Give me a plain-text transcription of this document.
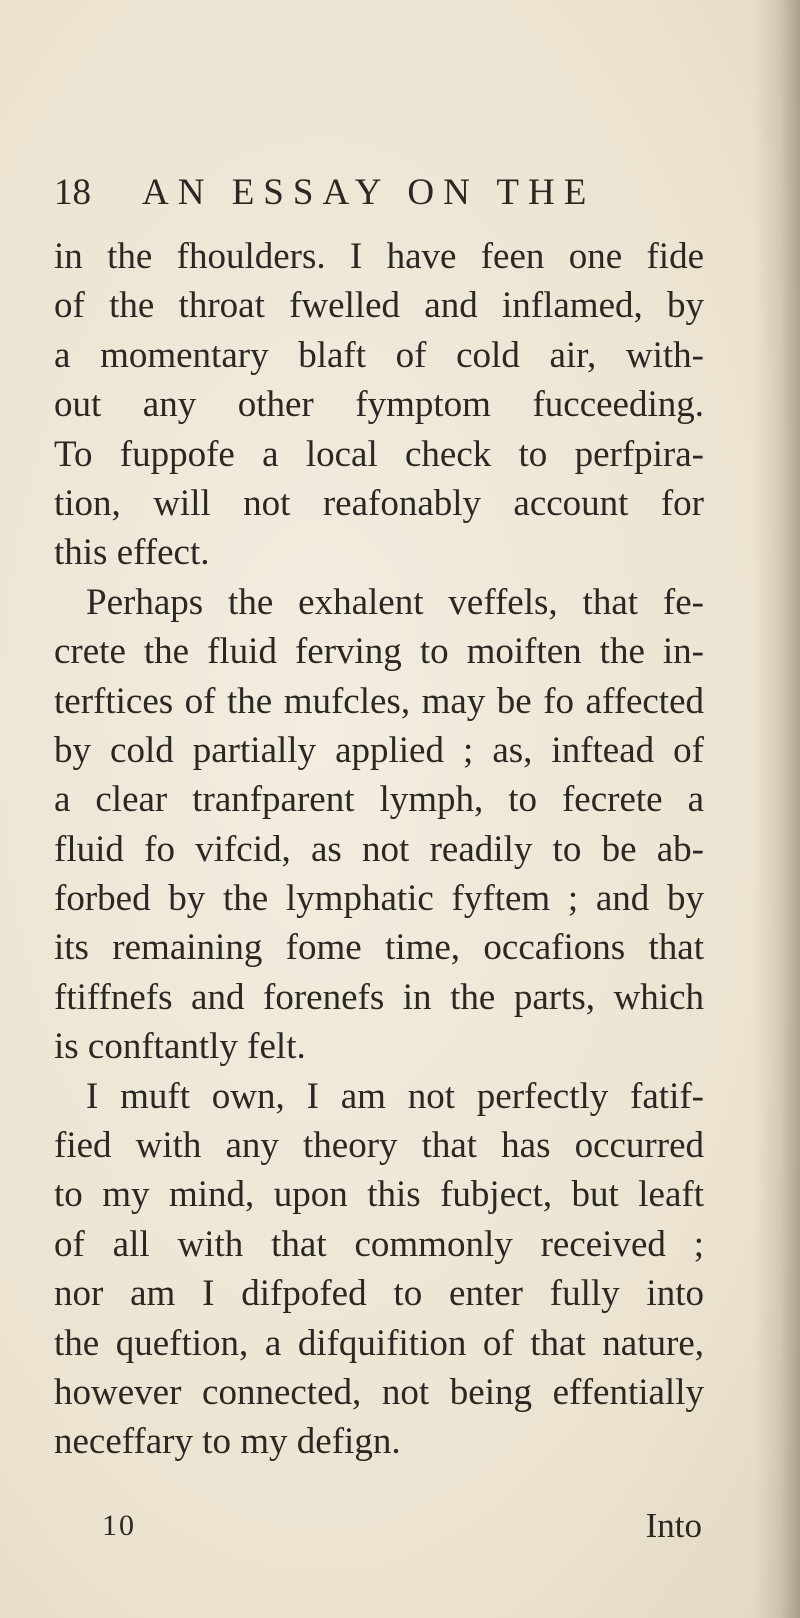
18 AN ESSAY ON THE
in the fhoulders. I have feen one fide
of the throat fwelled and inflamed, by
a momentary blaft of cold air, with-
out any other fymptom fucceeding.
To fuppofe a local check to perfpira-
tion, will not reafonably account for
this effect.
Perhaps the exhalent veffels, that fe-
crete the fluid ferving to moiften the in-
terftices of the mufcles, may be fo affected
by cold partially applied ; as, inftead of
a clear tranfparent lymph, to fecrete a
fluid fo vifcid, as not readily to be ab-
forbed by the lymphatic fyftem ; and by
its remaining fome time, occafions that
ftiffnefs and forenefs in the parts, which
is conftantly felt.
I muft own, I am not perfectly fatif-
fied with any theory that has occurred
to my mind, upon this fubject, but leaft
of all with that commonly received ;
nor am I difpofed to enter fully into
the queftion, a difquifition of that nature,
however connected, not being effentially
neceffary to my defign.
10	Into
